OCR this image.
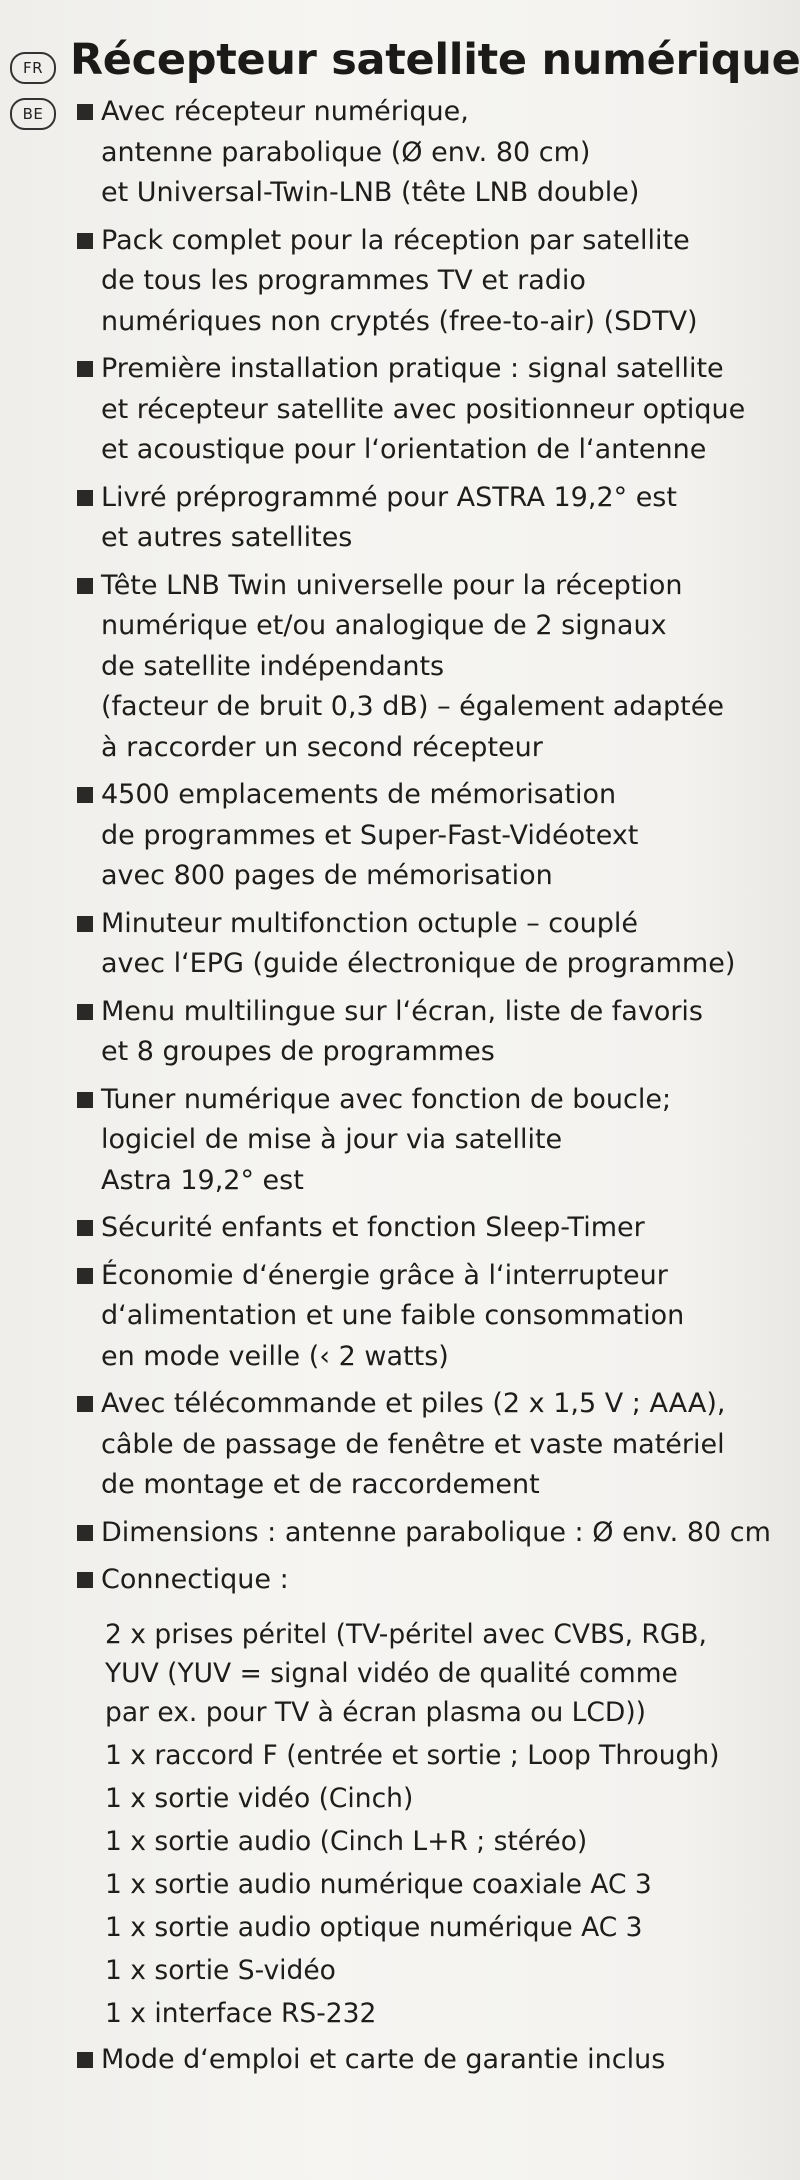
FR
BE
Récepteur satellite numérique
Avec récepteur numérique,
antenne parabolique (Ø env. 80 cm)
et Universal-Twin-LNB (tête LNB double)
Pack complet pour la réception par satellite
de tous les programmes TV et radio
numériques non cryptés (free-to-air) (SDTV)
Première installation pratique : signal satellite
et récepteur satellite avec positionneur optique
et acoustique pour l‘orientation de l‘antenne
Livré préprogrammé pour ASTRA 19,2° est
et autres satellites
Tête LNB Twin universelle pour la réception
numérique et/ou analogique de 2 signaux
de satellite indépendants
(facteur de bruit 0,3 dB) – également adaptée
à raccorder un second récepteur
4500 emplacements de mémorisation
de programmes et Super-Fast-Vidéotext
avec 800 pages de mémorisation
Minuteur multifonction octuple – couplé
avec l‘EPG (guide électronique de programme)
Menu multilingue sur l‘écran, liste de favoris
et 8 groupes de programmes
Tuner numérique avec fonction de boucle;
logiciel de mise à jour via satellite
Astra 19,2° est
Sécurité enfants et fonction Sleep-Timer
Économie d‘énergie grâce à l‘interrupteur
d‘alimentation et une faible consommation
en mode veille (‹ 2 watts)
Avec télécommande et piles (2 x 1,5 V ; AAA),
câble de passage de fenêtre et vaste matériel
de montage et de raccordement
Dimensions : antenne parabolique : Ø env. 80 cm
Connectique :
2 x prises péritel (TV-péritel avec CVBS, RGB,
YUV (YUV = signal vidéo de qualité comme
par ex. pour TV à écran plasma ou LCD))
1 x raccord F (entrée et sortie ; Loop Through)
1 x sortie vidéo (Cinch)
1 x sortie audio (Cinch L+R ; stéréo)
1 x sortie audio numérique coaxiale AC 3
1 x sortie audio optique numérique AC 3
1 x sortie S-vidéo
1 x interface RS-232
Mode d‘emploi et carte de garantie inclus
